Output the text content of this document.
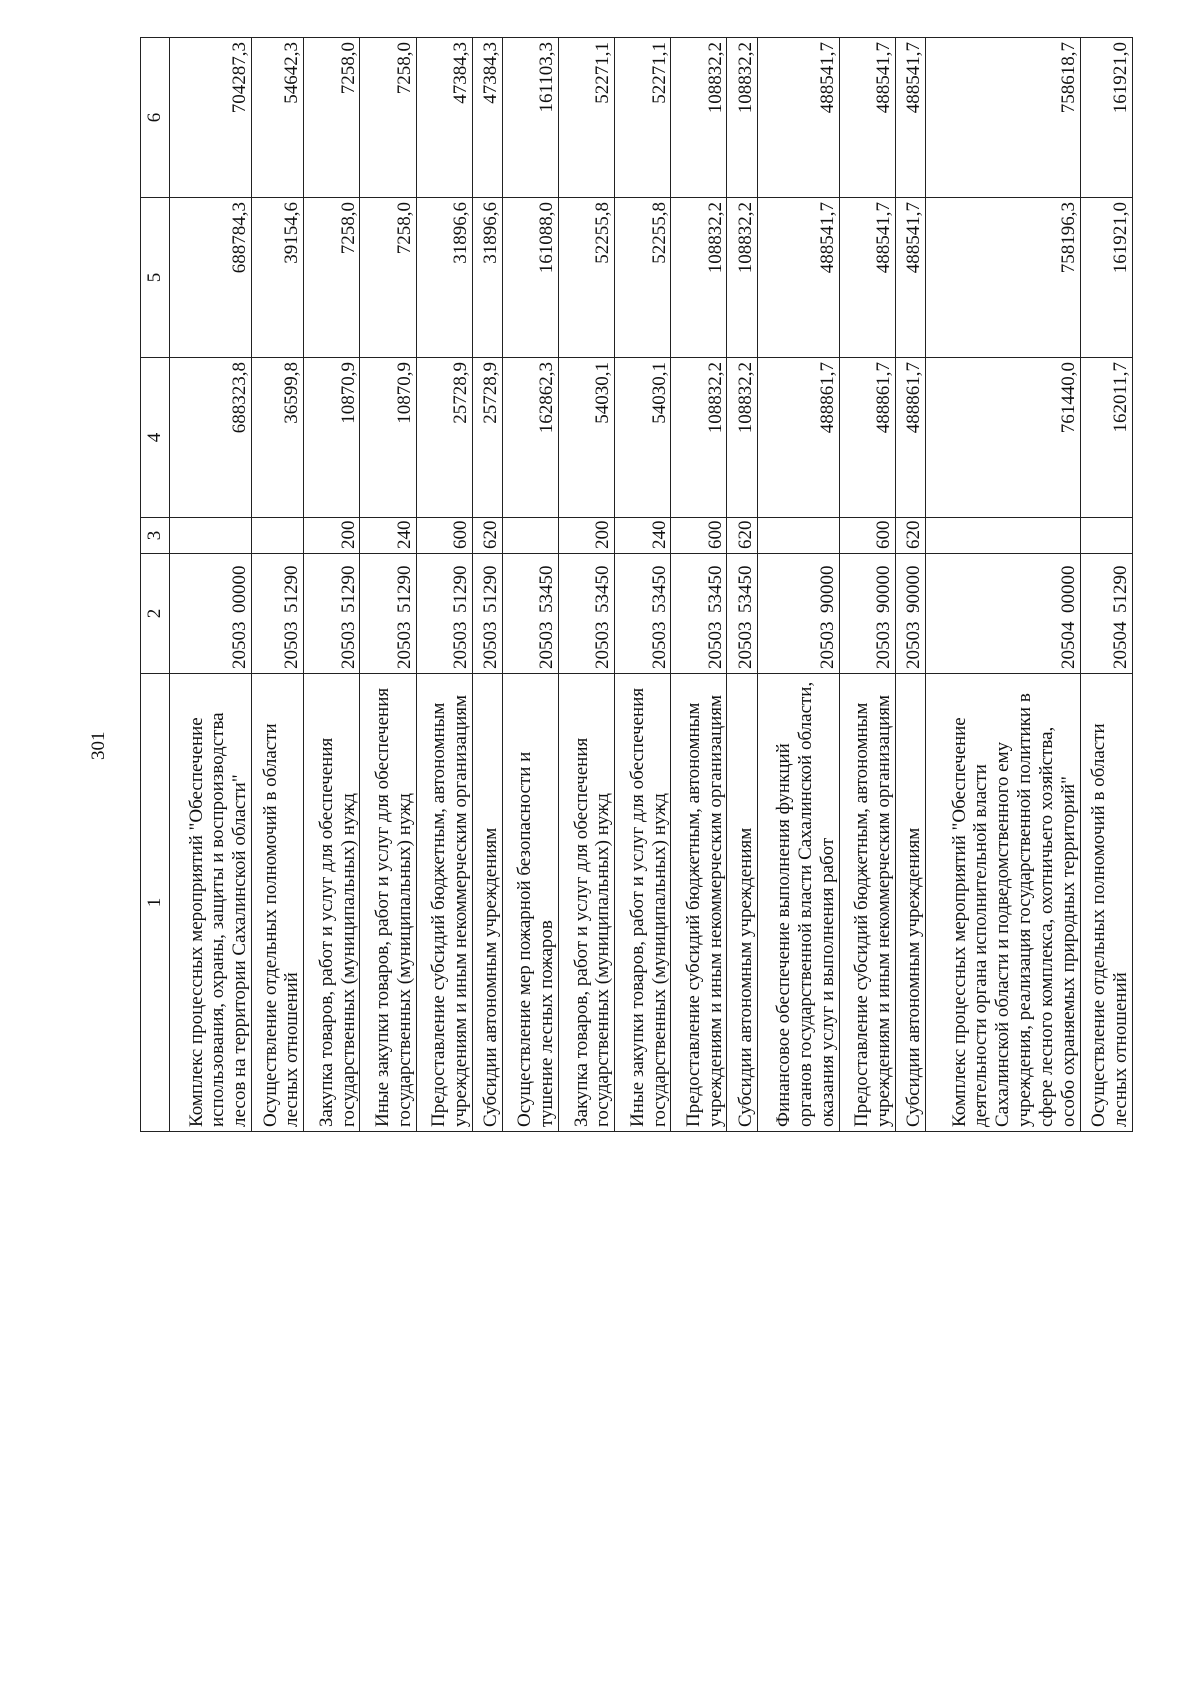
301
1	2	3	4	5	6
Комплекс процессных мероприятий "Обеспечение использования, охраны, защиты и воспроизводства лесов на территории Сахалинской области"	2050300000		688323,8	688784,3	704287,3
Осуществление отдельных полномочий в области лесных отношений	2050351290		36599,8	39154,6	54642,3
Закупка товаров, работ и услуг для обеспечения государственных (муниципальных) нужд	2050351290	200	10870,9	7258,0	7258,0
Иные закупки товаров, работ и услуг для обеспечения государственных (муниципальных) нужд	2050351290	240	10870,9	7258,0	7258,0
Предоставление субсидий бюджетным, автономным учреждениям и иным некоммерческим организациям	2050351290	600	25728,9	31896,6	47384,3
Субсидии автономным учреждениям	2050351290	620	25728,9	31896,6	47384,3
Осуществление мер пожарной безопасности и тушение лесных пожаров	2050353450		162862,3	161088,0	161103,3
Закупка товаров, работ и услуг для обеспечения государственных (муниципальных) нужд	2050353450	200	54030,1	52255,8	52271,1
Иные закупки товаров, работ и услуг для обеспечения государственных (муниципальных) нужд	2050353450	240	54030,1	52255,8	52271,1
Предоставление субсидий бюджетным, автономным учреждениям и иным некоммерческим организациям	2050353450	600	108832,2	108832,2	108832,2
Субсидии автономным учреждениям	2050353450	620	108832,2	108832,2	108832,2
Финансовое обеспечение выполнения функций органов государственной власти Сахалинской области, оказания услуг и выполнения работ	2050390000		488861,7	488541,7	488541,7
Предоставление субсидий бюджетным, автономным учреждениям и иным некоммерческим организациям	2050390000	600	488861,7	488541,7	488541,7
Субсидии автономным учреждениям	2050390000	620	488861,7	488541,7	488541,7
Комплекс процессных мероприятий "Обеспечение деятельности органа исполнительной власти Сахалинской области и подведомственного ему учреждения, реализация государственной политики в сфере лесного комплекса, охотничьего хозяйства, особо охраняемых природных территорий"	2050400000		761440,0	758196,3	758618,7
Осуществление отдельных полномочий в области лесных отношений	2050451290		162011,7	161921,0	161921,0
